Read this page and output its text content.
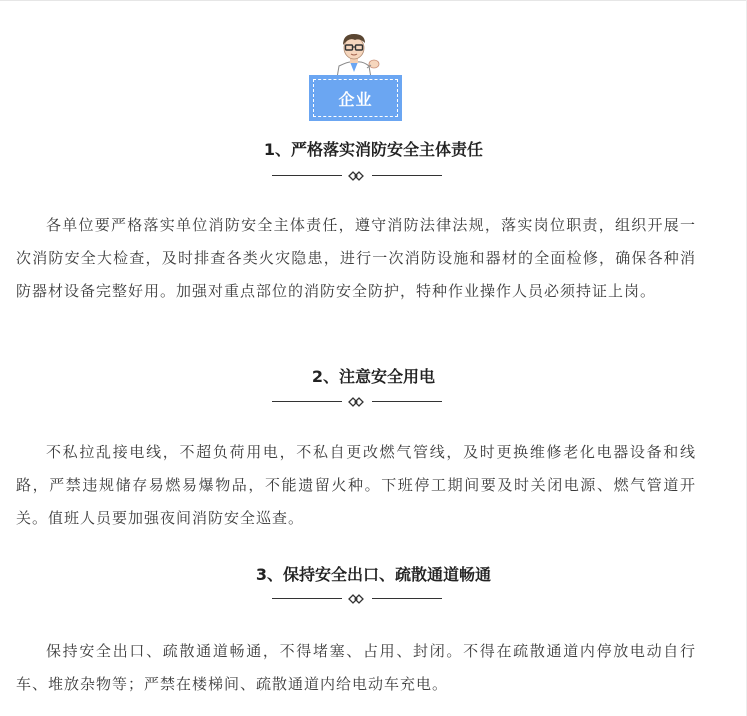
企业
1、严格落实消防安全主体责任

各单位要严格落实单位消防安全主体责任，遵守消防法律法规，落实岗位职责，组织开展一次消防安全大检查，及时排查各类火灾隐患，进行一次消防设施和器材的全面检修，确保各种消防器材设备完整好用。加强对重点部位的消防安全防护，特种作业操作人员必须持证上岗。

2、注意安全用电

不私拉乱接电线，不超负荷用电，不私自更改燃气管线，及时更换维修老化电器设备和线路，严禁违规储存易燃易爆物品，不能遗留火种。下班停工期间要及时关闭电源、燃气管道开关。值班人员要加强夜间消防安全巡查。

3、保持安全出口、疏散通道畅通

保持安全出口、疏散通道畅通，不得堵塞、占用、封闭。不得在疏散通道内停放电动自行车、堆放杂物等；严禁在楼梯间、疏散通道内给电动车充电。
